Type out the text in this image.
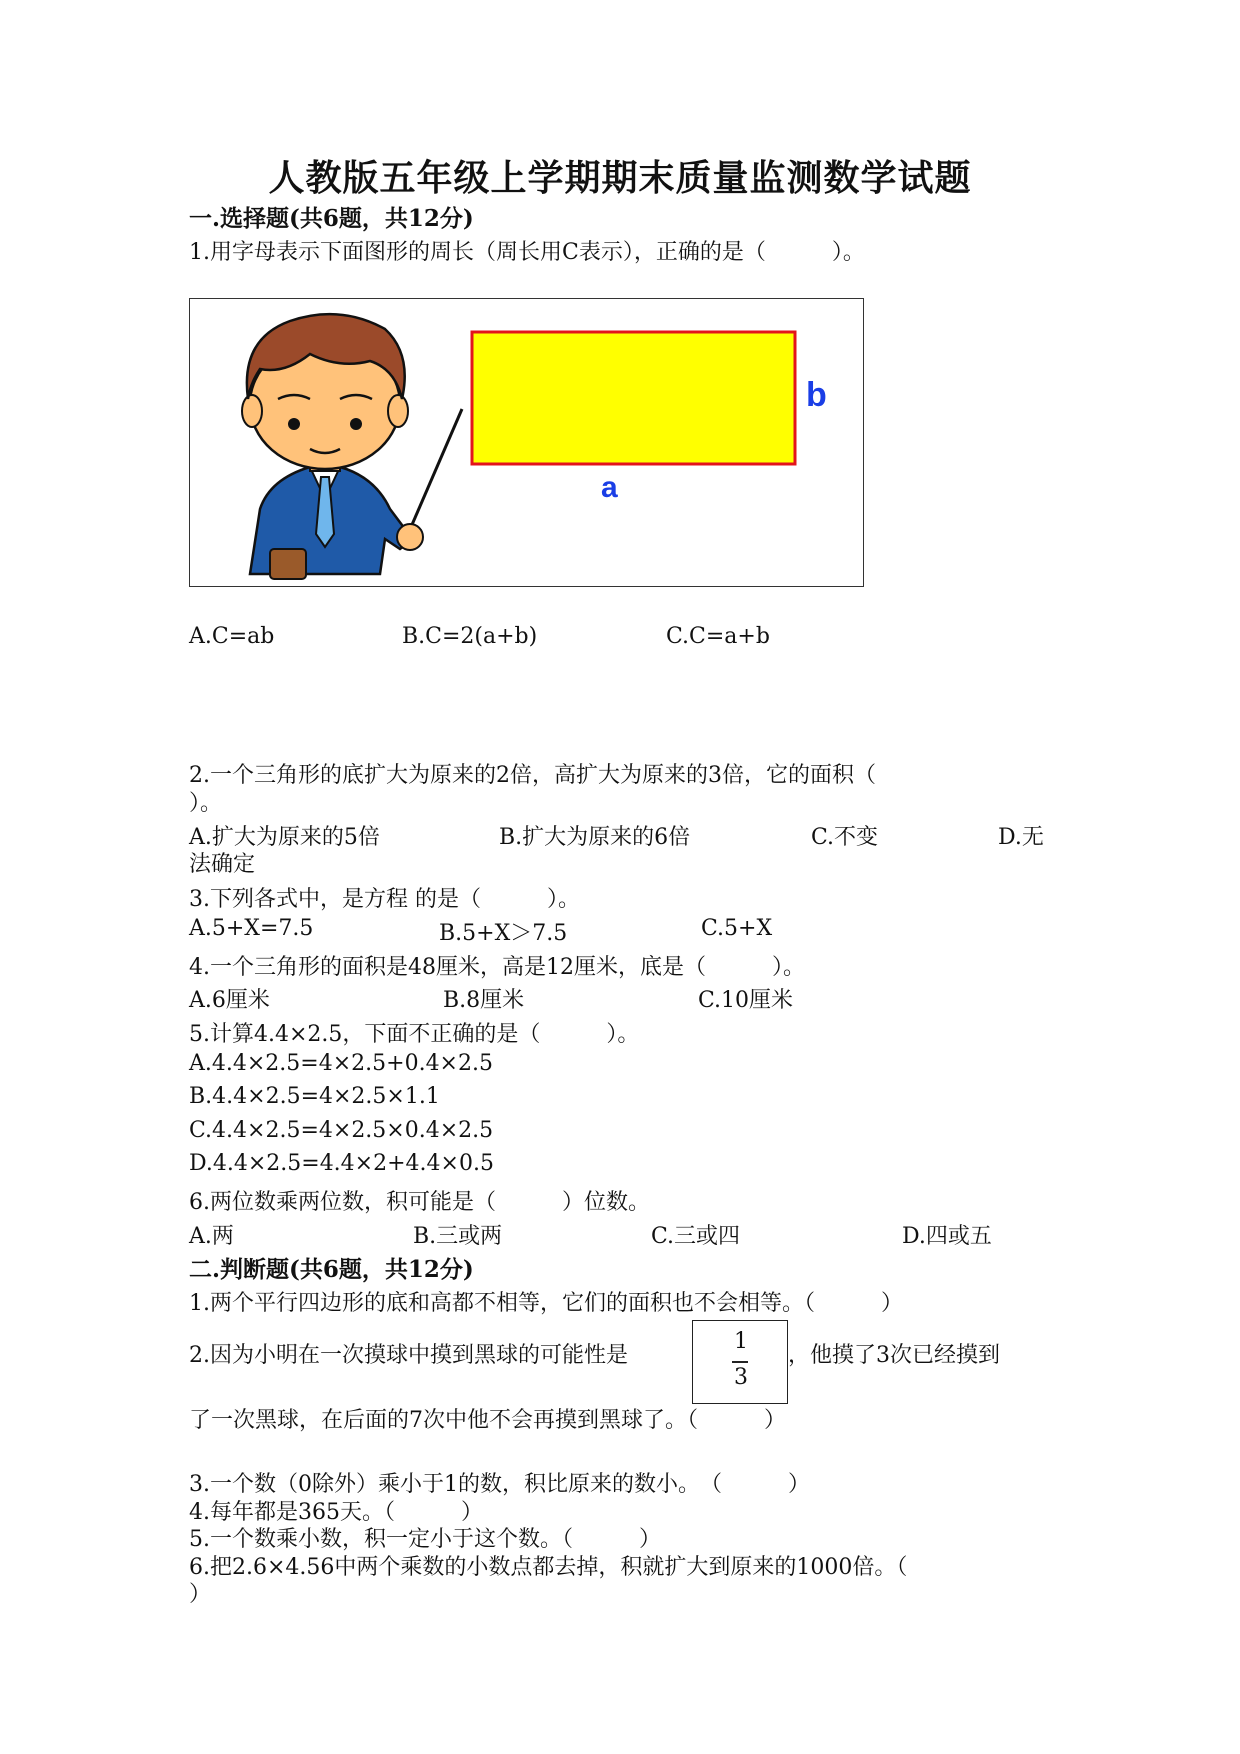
人教版五年级上学期期末质量监测数学试题
一.选择题(共6题，共12分)
1.用字母表示下面图形的周长（周长用C表示），正确的是（　　　）。
b
a
A.C=ab	B.C=2(a+b)	C.C=a+b
2.一个三角形的底扩大为原来的2倍，高扩大为原来的3倍，它的面积（
）。
A.扩大为原来的5倍	B.扩大为原来的6倍	C.不变	D.无
法确定
3.下列各式中，是方程 的是（　　　）。
A.5+X=7.5	B.5+X＞7.5	C.5+X
4.一个三角形的面积是48厘米，高是12厘米，底是（　　　）。
A.6厘米	B.8厘米	C.10厘米
5.计算4.4×2.5，下面不正确的是（　　　）。
A.4.4×2.5=4×2.5+0.4×2.5
B.4.4×2.5=4×2.5×1.1
C.4.4×2.5=4×2.5×0.4×2.5
D.4.4×2.5=4.4×2+4.4×0.5
6.两位数乘两位数，积可能是（　　　）位数。
A.两	B.三或两	C.三或四	D.四或五
二.判断题(共6题，共12分)
1.两个平行四边形的底和高都不相等，它们的面积也不会相等。（　　　）
2.因为小明在一次摸球中摸到黑球的可能性是
1
3
，他摸了3次已经摸到
了一次黑球，在后面的7次中他不会再摸到黑球了。（　　　）
3.一个数（0除外）乘小于1的数，积比原来的数小。　（　　　）
4.每年都是365天。（　　　）
5.一个数乘小数，积一定小于这个数。（　　　）
6.把2.6×4.56中两个乘数的小数点都去掉，积就扩大到原来的1000倍。（
）
